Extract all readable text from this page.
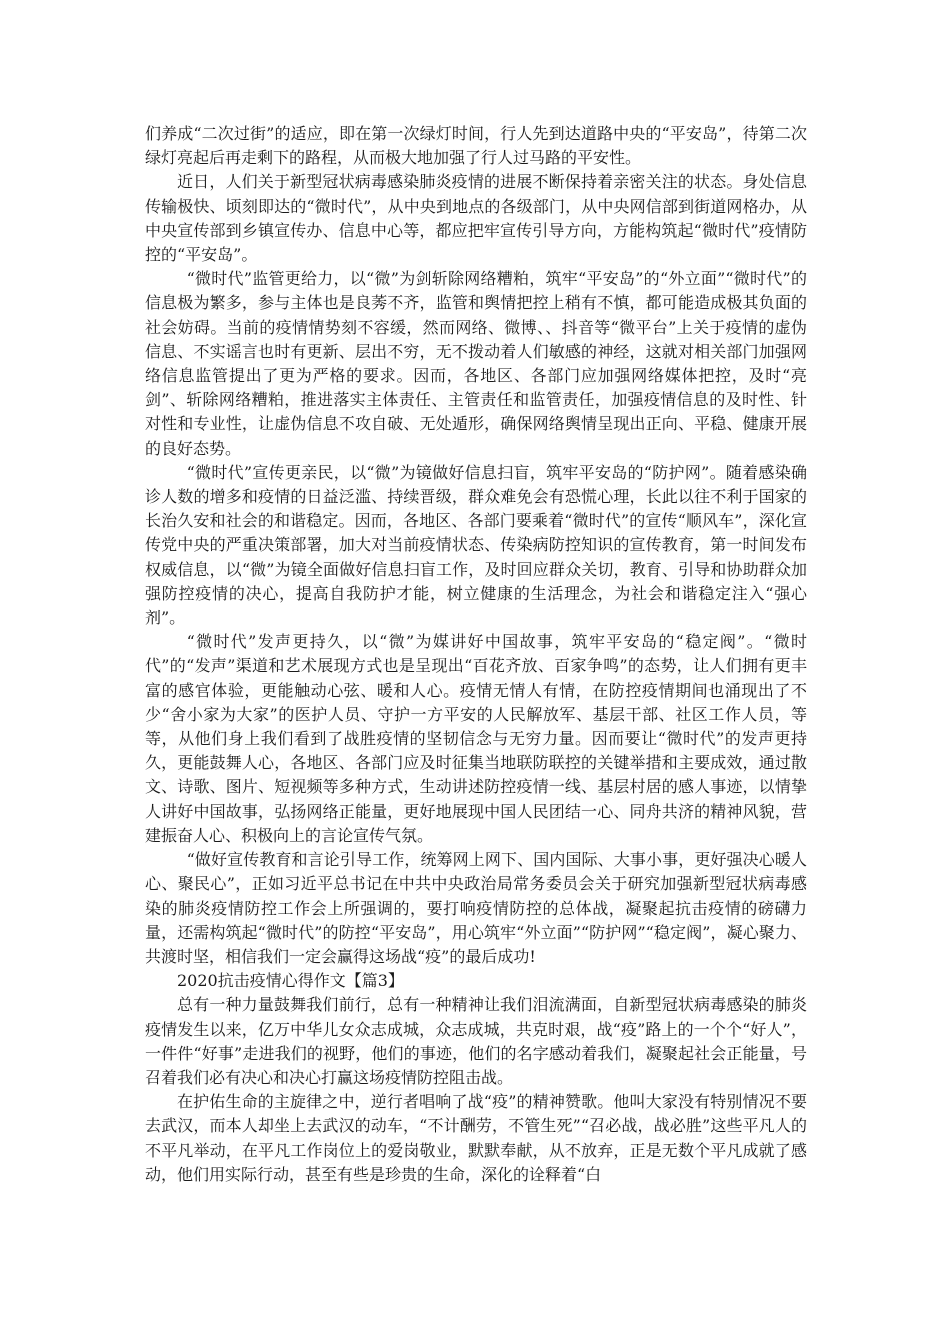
们养成“二次过街”的适应，即在第一次绿灯时间，行人先到达道路中央的“平安岛”，待第二次绿灯亮起后再走剩下的路程，从而极大地加强了行人过马路的平安性。

近日，人们关于新型冠状病毒感染肺炎疫情的进展不断保持着亲密关注的状态。身处信息传输极快、顷刻即达的“微时代”，从中央到地点的各级部门，从中央网信部到街道网格办，从中央宣传部到乡镇宣传办、信息中心等，都应把牢宣传引导方向，方能构筑起“微时代”疫情防控的“平安岛”。

“微时代”监管更给力，以“微”为剑斩除网络糟粕，筑牢“平安岛”的“外立面”“微时代”的信息极为繁多，参与主体也是良莠不齐，监管和舆情把控上稍有不慎，都可能造成极其负面的社会妨碍。当前的疫情情势刻不容缓，然而网络、微博、、抖音等“微平台”上关于疫情的虚伪信息、不实谣言也时有更新、层出不穷，无不拨动着人们敏感的神经，这就对相关部门加强网络信息监管提出了更为严格的要求。因而，各地区、各部门应加强网络媒体把控，及时“亮剑”、斩除网络糟粕，推进落实主体责任、主管责任和监管责任，加强疫情信息的及时性、针对性和专业性，让虚伪信息不攻自破、无处遁形，确保网络舆情呈现出正向、平稳、健康开展的良好态势。

“微时代”宣传更亲民，以“微”为镜做好信息扫盲，筑牢平安岛的“防护网”。随着感染确诊人数的增多和疫情的日益泛滥、持续晋级，群众难免会有恐慌心理，长此以往不利于国家的长治久安和社会的和谐稳定。因而，各地区、各部门要乘着“微时代”的宣传“顺风车”，深化宣传党中央的严重决策部署，加大对当前疫情状态、传染病防控知识的宣传教育，第一时间发布权威信息，以“微”为镜全面做好信息扫盲工作，及时回应群众关切，教育、引导和协助群众加强防控疫情的决心，提高自我防护才能，树立健康的生活理念，为社会和谐稳定注入“强心剂”。

“微时代”发声更持久，以“微”为媒讲好中国故事，筑牢平安岛的“稳定阀”。“微时代”的“发声”渠道和艺术展现方式也是呈现出“百花齐放、百家争鸣”的态势，让人们拥有更丰富的感官体验，更能触动心弦、暖和人心。疫情无情人有情，在防控疫情期间也涌现出了不少“舍小家为大家”的医护人员、守护一方平安的人民解放军、基层干部、社区工作人员，等等，从他们身上我们看到了战胜疫情的坚韧信念与无穷力量。因而要让“微时代”的发声更持久，更能鼓舞人心，各地区、各部门应及时征集当地联防联控的关键举措和主要成效，通过散文、诗歌、图片、短视频等多种方式，生动讲述防控疫情一线、基层村居的感人事迹，以情挚人讲好中国故事，弘扬网络正能量，更好地展现中国人民团结一心、同舟共济的精神风貌，营建振奋人心、积极向上的言论宣传气氛。

“做好宣传教育和言论引导工作，统筹网上网下、国内国际、大事小事，更好强决心暖人心、聚民心”，正如习近平总书记在中共中央政治局常务委员会关于研究加强新型冠状病毒感染的肺炎疫情防控工作会上所强调的，要打响疫情防控的总体战，凝聚起抗击疫情的磅礴力量，还需构筑起“微时代”的防控“平安岛”，用心筑牢“外立面”“防护网”“稳定阀”，凝心聚力、共渡时坚，相信我们一定会赢得这场战“疫”的最后成功!

2020抗击疫情心得作文【篇3】

总有一种力量鼓舞我们前行，总有一种精神让我们泪流满面，自新型冠状病毒感染的肺炎疫情发生以来，亿万中华儿女众志成城，众志成城，共克时艰，战“疫”路上的一个个“好人”，一件件“好事”走进我们的视野，他们的事迹，他们的名字感动着我们，凝聚起社会正能量，号召着我们必有决心和决心打赢这场疫情防控阻击战。

在护佑生命的主旋律之中，逆行者唱响了战“疫”的精神赞歌。他叫大家没有特别情况不要去武汉，而本人却坐上去武汉的动车，“不计酬劳，不管生死”“召必战，战必胜”这些平凡人的不平凡举动，在平凡工作岗位上的爱岗敬业，默默奉献，从不放弃，正是无数个平凡成就了感动，他们用实际行动，甚至有些是珍贵的生命，深化的诠释着“白
